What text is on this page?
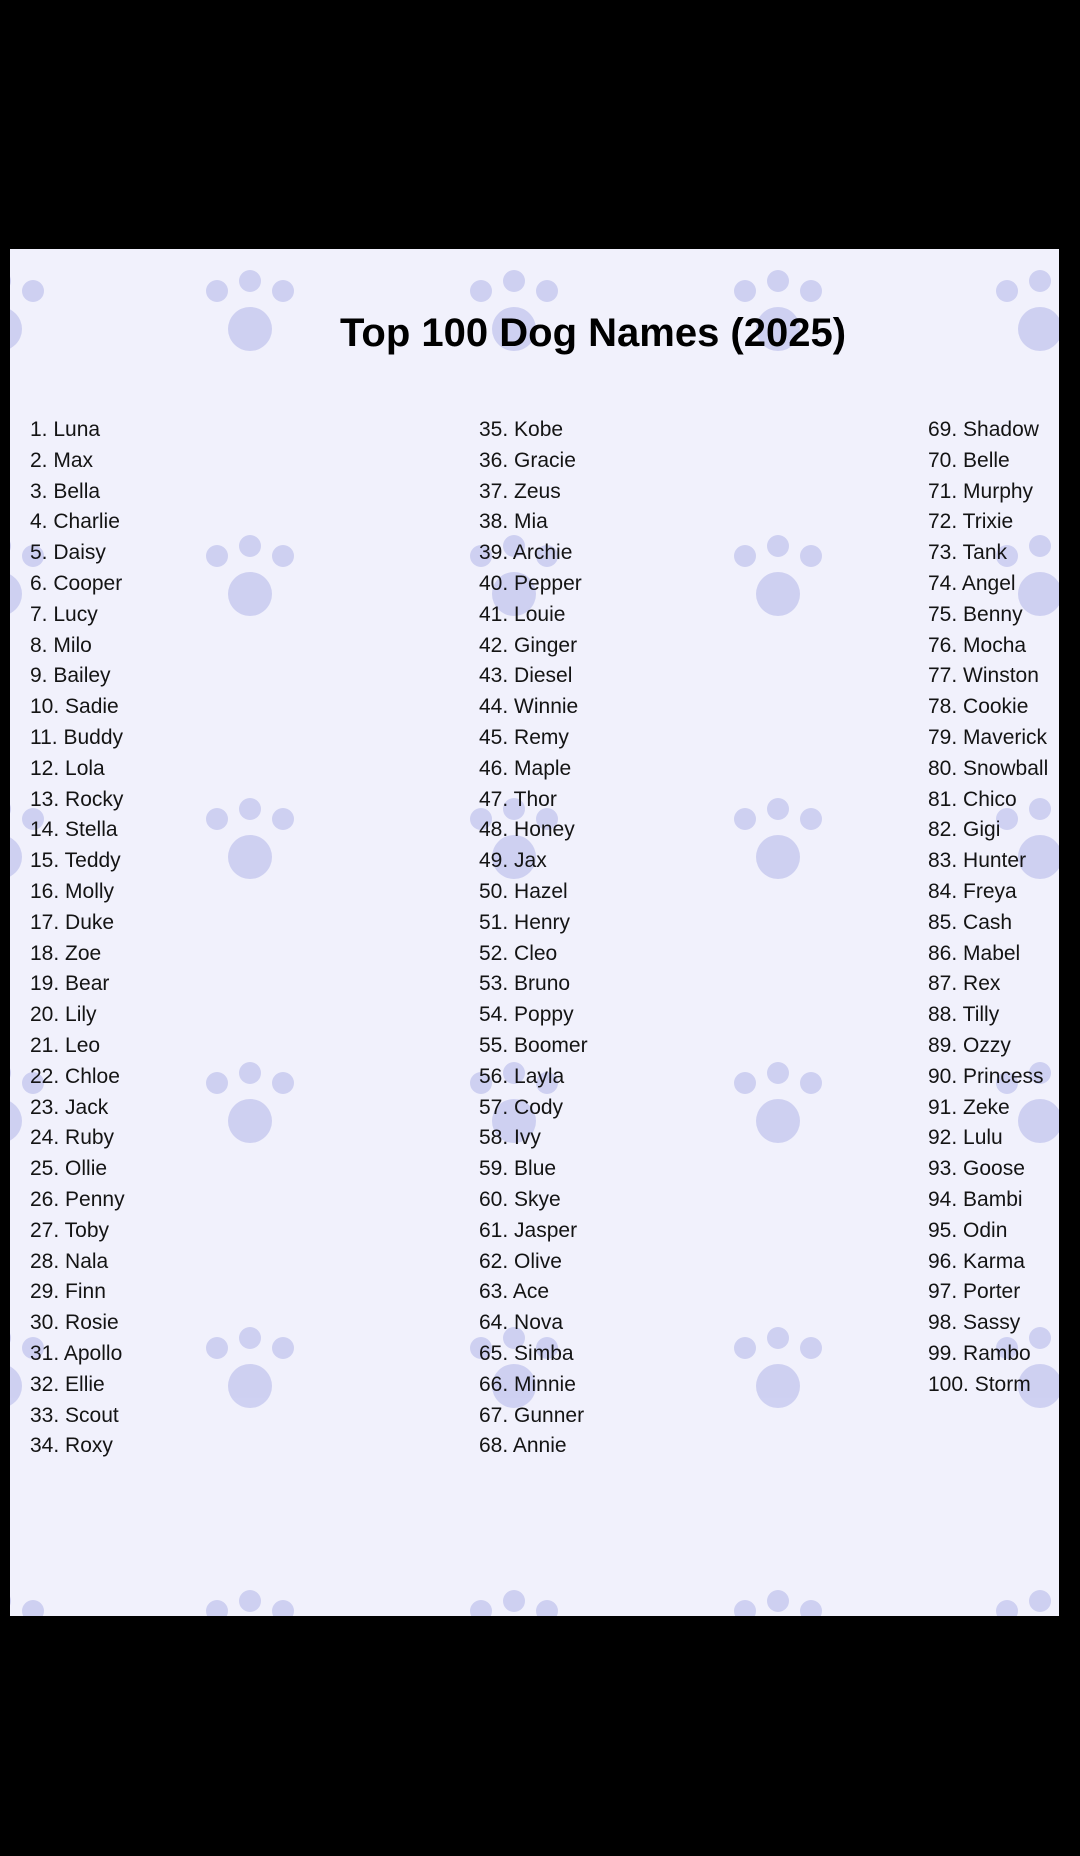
Top 100 Dog Names (2025)
1. Luna
2. Max
3. Bella
4. Charlie
5. Daisy
6. Cooper
7. Lucy
8. Milo
9. Bailey
10. Sadie
11. Buddy
12. Lola
13. Rocky
14. Stella
15. Teddy
16. Molly
17. Duke
18. Zoe
19. Bear
20. Lily
21. Leo
22. Chloe
23. Jack
24. Ruby
25. Ollie
26. Penny
27. Toby
28. Nala
29. Finn
30. Rosie
31. Apollo
32. Ellie
33. Scout
34. Roxy
35. Kobe
36. Gracie
37. Zeus
38. Mia
39. Archie
40. Pepper
41. Louie
42. Ginger
43. Diesel
44. Winnie
45. Remy
46. Maple
47. Thor
48. Honey
49. Jax
50. Hazel
51. Henry
52. Cleo
53. Bruno
54. Poppy
55. Boomer
56. Layla
57. Cody
58. Ivy
59. Blue
60. Skye
61. Jasper
62. Olive
63. Ace
64. Nova
65. Simba
66. Minnie
67. Gunner
68. Annie
69. Shadow
70. Belle
71. Murphy
72. Trixie
73. Tank
74. Angel
75. Benny
76. Mocha
77. Winston
78. Cookie
79. Maverick
80. Snowball
81. Chico
82. Gigi
83. Hunter
84. Freya
85. Cash
86. Mabel
87. Rex
88. Tilly
89. Ozzy
90. Princess
91. Zeke
92. Lulu
93. Goose
94. Bambi
95. Odin
96. Karma
97. Porter
98. Sassy
99. Rambo
100. Storm
